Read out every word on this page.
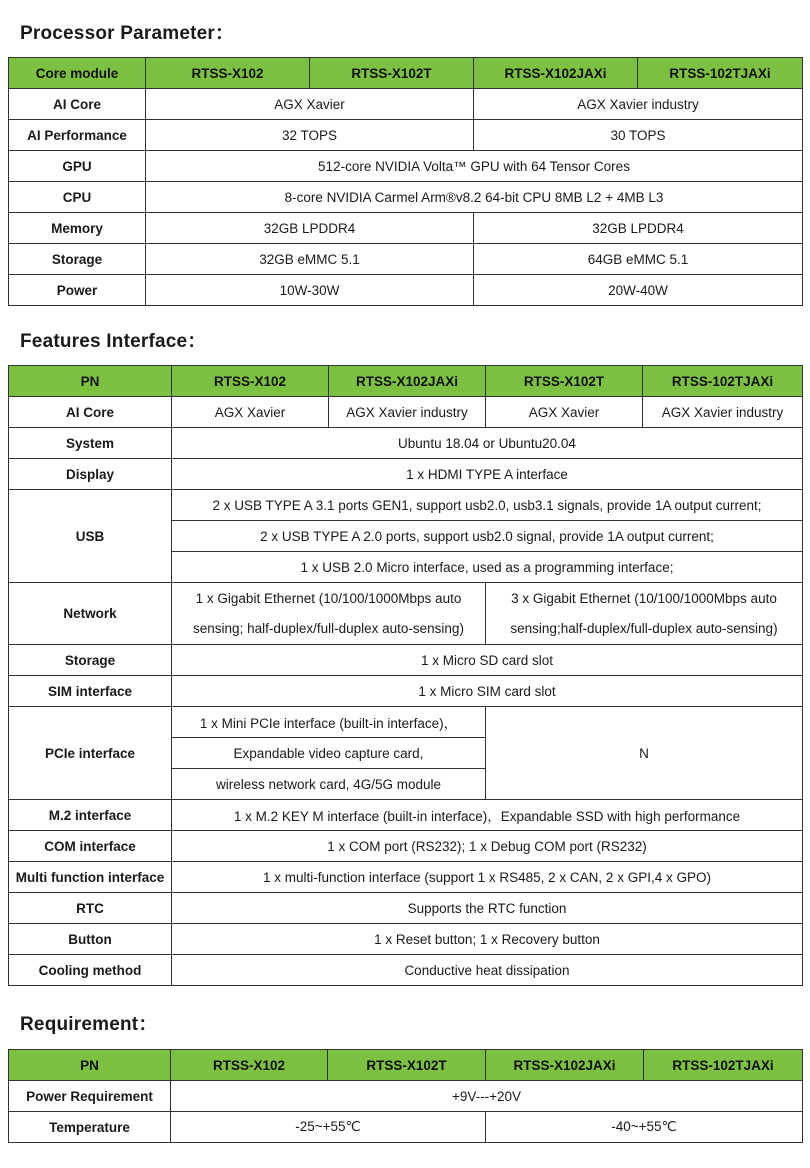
Processor Parameter：
Core module	RTSS-X102	RTSS-X102T	RTSS-X102JAXi	RTSS-102TJAXi
AI Core	AGX Xavier		AGX Xavier industry	
AI Performance	32 TOPS		30 TOPS	
GPU	512-core NVIDIA Volta™ GPU with 64 Tensor Cores			
CPU	8-core NVIDIA Carmel Arm®v8.2 64-bit CPU 8MB L2 + 4MB L3			
Memory	32GB LPDDR4		32GB LPDDR4	
Storage	32GB eMMC 5.1		64GB eMMC 5.1	
Power	10W-30W		20W-40W	
Features Interface：
PN	RTSS-X102	RTSS-X102JAXi	RTSS-X102T	RTSS-102TJAXi
AI Core	AGX Xavier	AGX Xavier industry	AGX Xavier	AGX Xavier industry
System	Ubuntu 18.04 or Ubuntu20.04			
Display	1 x HDMI TYPE A interface			
USB	2 x USB TYPE A 3.1 ports GEN1, support usb2.0, usb3.1 signals, provide 1A output current;			
	2 x USB TYPE A 2.0 ports, support usb2.0 signal, provide 1A output current;			
	1 x USB 2.0 Micro interface, used as a programming interface;			
Network	1 x Gigabit Ethernet (10/100/1000Mbps auto		3 x Gigabit Ethernet (10/100/1000Mbps auto	
	sensing; half-duplex/full-duplex auto-sensing)		sensing;half-duplex/full-duplex auto-sensing)	
Storage	1 x Micro SD card slot			
SIM interface	1 x Micro SIM card slot			
PCIe interface	1 x Mini PCIe interface (built-in interface)，			
	Expandable video capture card,		N	
	wireless network card, 4G/5G module			
M.2 interface	1 x M.2 KEY M interface (built-in interface)，Expandable SSD with high performance			
COM interface	1 x COM port (RS232); 1 x Debug COM port (RS232)			
Multi function interface	1 x multi-function interface (support 1 x RS485, 2 x CAN, 2 x GPI,4 x GPO)			
RTC	Supports the RTC function			
Button	1 x Reset button; 1 x Recovery button			
Cooling method	Conductive heat dissipation			
Requirement：
PN	RTSS-X102	RTSS-X102T	RTSS-X102JAXi	RTSS-102TJAXi
Power Requirement	+9V---+20V			
Temperature	-25~+55℃		-40~+55℃	
